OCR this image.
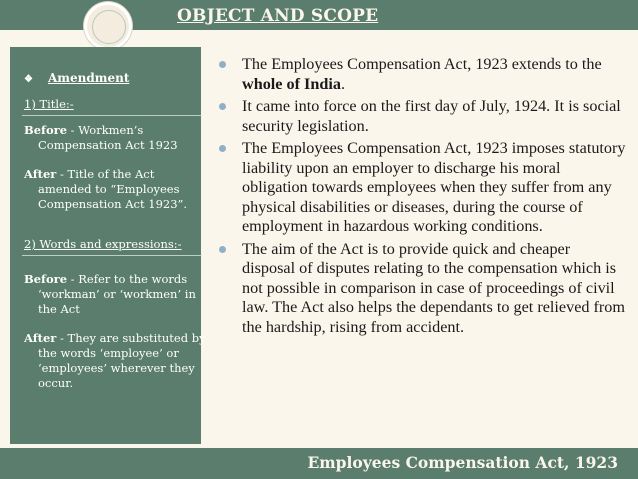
OBJECT AND SCOPE
❖ Amendment
1) Title:-
Before - Workmen’s Compensation Act 1923
After - Title of the Act amended to “Employees Compensation Act 1923”.
2) Words and expressions:-
Before - Refer to the words ‘workman’ or ‘workmen’ in the Act
After - They are substituted by the words ‘employee’ or ‘employees’ wherever they occur.
The Employees Compensation Act, 1923 extends to the whole of India.
It came into force on the first day of July, 1924. It is social security legislation.
The Employees Compensation Act, 1923 imposes statutory liability upon an employer to discharge his moral obligation towards employees when they suffer from any physical disabilities or diseases, during the course of employment in hazardous working conditions.
The aim of the Act is to provide quick and cheaper disposal of disputes relating to the compensation which is not possible in comparison in case of proceedings of civil law. The Act also helps the dependants to get relieved from the hardship, rising from accident.
Employees Compensation Act, 1923
